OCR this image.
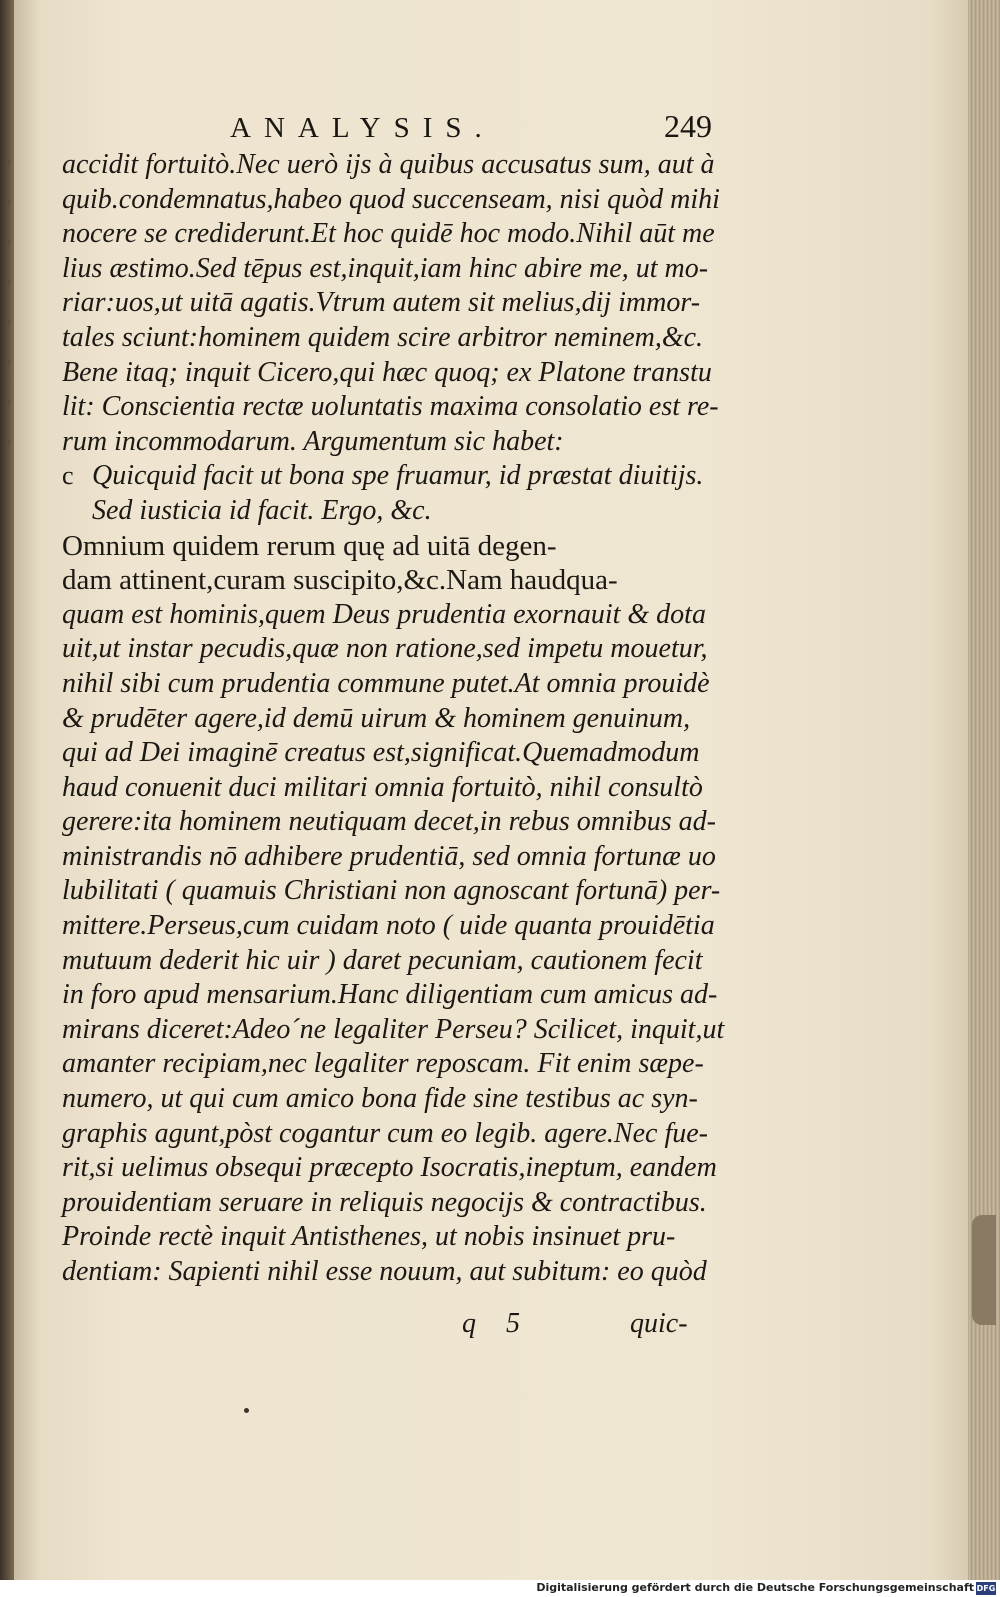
ANALYSIS.	249
accidit fortuitò.Nec uerò ijs à quibus accusatus sum, aut à
quib.condemnatus,habeo quod succenseam, nisi quòd mihi
nocere se crediderunt.Et hoc quidē hoc modo.Nihil aūt me
lius æstimo.Sed tēpus est,inquit,iam hinc abire me, ut mo-
riar:uos,ut uitā agatis.Vtrum autem sit melius,dij immor-
tales sciunt:hominem quidem scire arbitror neminem,&c.
Bene itaq; inquit Cicero,qui hæc quoq; ex Platone transtu
lit: Conscientia rectæ uoluntatis maxima consolatio est re-
rum incommodarum. Argumentum sic habet:
Quicquid facit ut bona spe fruamur, id præstat diuitijs.
Sed iusticia id facit. Ergo, &c.
Omnium quidem rerum quę ad uitā degen-
dam attinent,curam suscipito,&c.Nam haudqua-
quam est hominis,quem Deus prudentia exornauit & dota
uit,ut instar pecudis,quæ non ratione,sed impetu mouetur,
nihil sibi cum prudentia commune putet.At omnia prouidè
& prudēter agere,id demū uirum & hominem genuinum,
qui ad Dei imaginē creatus est,significat.Quemadmodum
haud conuenit duci militari omnia fortuitò, nihil consultò
gerere:ita hominem neutiquam decet,in rebus omnibus ad-
ministrandis nō adhibere prudentiā, sed omnia fortunæ uo
lubilitati ( quamuis Christiani non agnoscant fortunā) per-
mittere.Perseus,cum cuidam noto ( uide quanta prouidētia
mutuum dederit hic uir ) daret pecuniam, cautionem fecit
in foro apud mensarium.Hanc diligentiam cum amicus ad-
mirans diceret:Adeo´ne legaliter Perseu? Scilicet, inquit,ut
amanter recipiam,nec legaliter reposcam. Fit enim sæpe-
numero, ut qui cum amico bona fide sine testibus ac syn-
graphis agunt,pòst cogantur cum eo legib. agere.Nec fue-
rit,si uelimus obsequi præcepto Isocratis,ineptum, eandem
prouidentiam seruare in reliquis negocijs & contractibus.
Proinde rectè inquit Antisthenes, ut nobis insinuet pru-
dentiam: Sapienti nihil esse nouum, aut subitum: eo quòd
c
q 5	quic-
Digitalisierung gefördert durch die Deutsche Forschungsgemeinschaft DFG
